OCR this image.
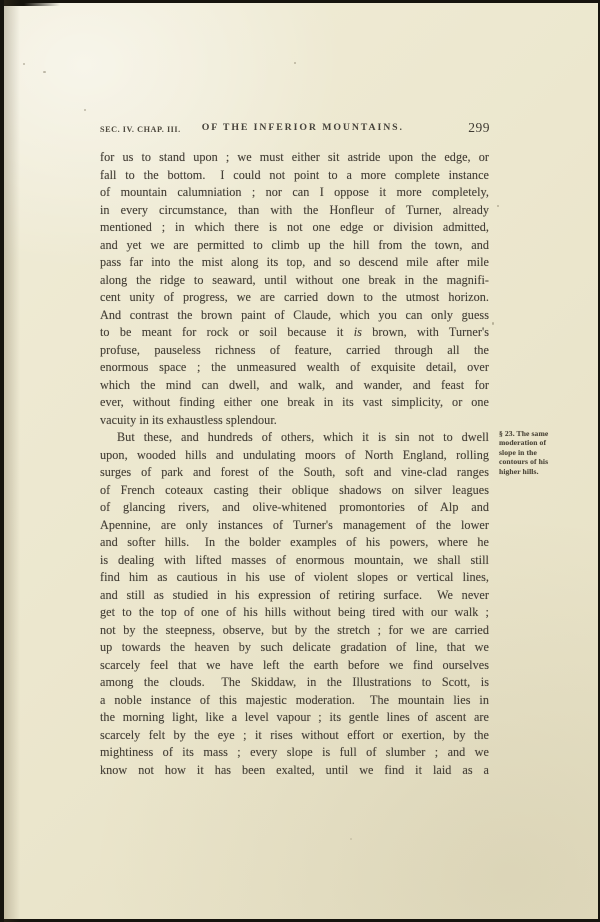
SEC. IV. CHAP. III. OF THE INFERIOR MOUNTAINS.	299
for us to stand upon ; we must either sit astride upon the edge, or
fall to the bottom.  I could not point to a more complete instance
of mountain calumniation ; nor can I oppose it more completely,
in every circumstance, than with the Honfleur of Turner, already
mentioned ; in which there is not one edge or division admitted,
and yet we are permitted to climb up the hill from the town, and
pass far into the mist along its top, and so descend mile after mile
along the ridge to seaward, until without one break in the magnifi-
cent unity of progress, we are carried down to the utmost horizon.
And contrast the brown paint of Claude, which you can only guess
to be meant for rock or soil because it is brown, with Turner's
profuse, pauseless richness of feature, carried through all the
enormous space ; the unmeasured wealth of exquisite detail, over
which the mind can dwell, and walk, and wander, and feast for
ever, without finding either one break in its vast simplicity, or one
vacuity in its exhaustless splendour.
But these, and hundreds of others, which it is sin not to dwell
upon, wooded hills and undulating moors of North England, rolling
surges of park and forest of the South, soft and vine-clad ranges
of French coteaux casting their oblique shadows on silver leagues
of glancing rivers, and olive-whitened promontories of Alp and
Apennine, are only instances of Turner's management of the lower
and softer hills.  In the bolder examples of his powers, where he
is dealing with lifted masses of enormous mountain, we shall still
find him as cautious in his use of violent slopes or vertical lines,
and still as studied in his expression of retiring surface.  We never
get to the top of one of his hills without being tired with our walk ;
not by the steepness, observe, but by the stretch ; for we are carried
up towards the heaven by such delicate gradation of line, that we
scarcely feel that we have left the earth before we find ourselves
among the clouds.  The Skiddaw, in the Illustrations to Scott, is
a noble instance of this majestic moderation.  The mountain lies in
the morning light, like a level vapour ; its gentle lines of ascent are
scarcely felt by the eye ; it rises without effort or exertion, by the
mightiness of its mass ; every slope is full of slumber ; and we
know not how it has been exalted, until we find it laid as a
§ 23. The same
moderation of
slope in the
contours of his
higher hills.
